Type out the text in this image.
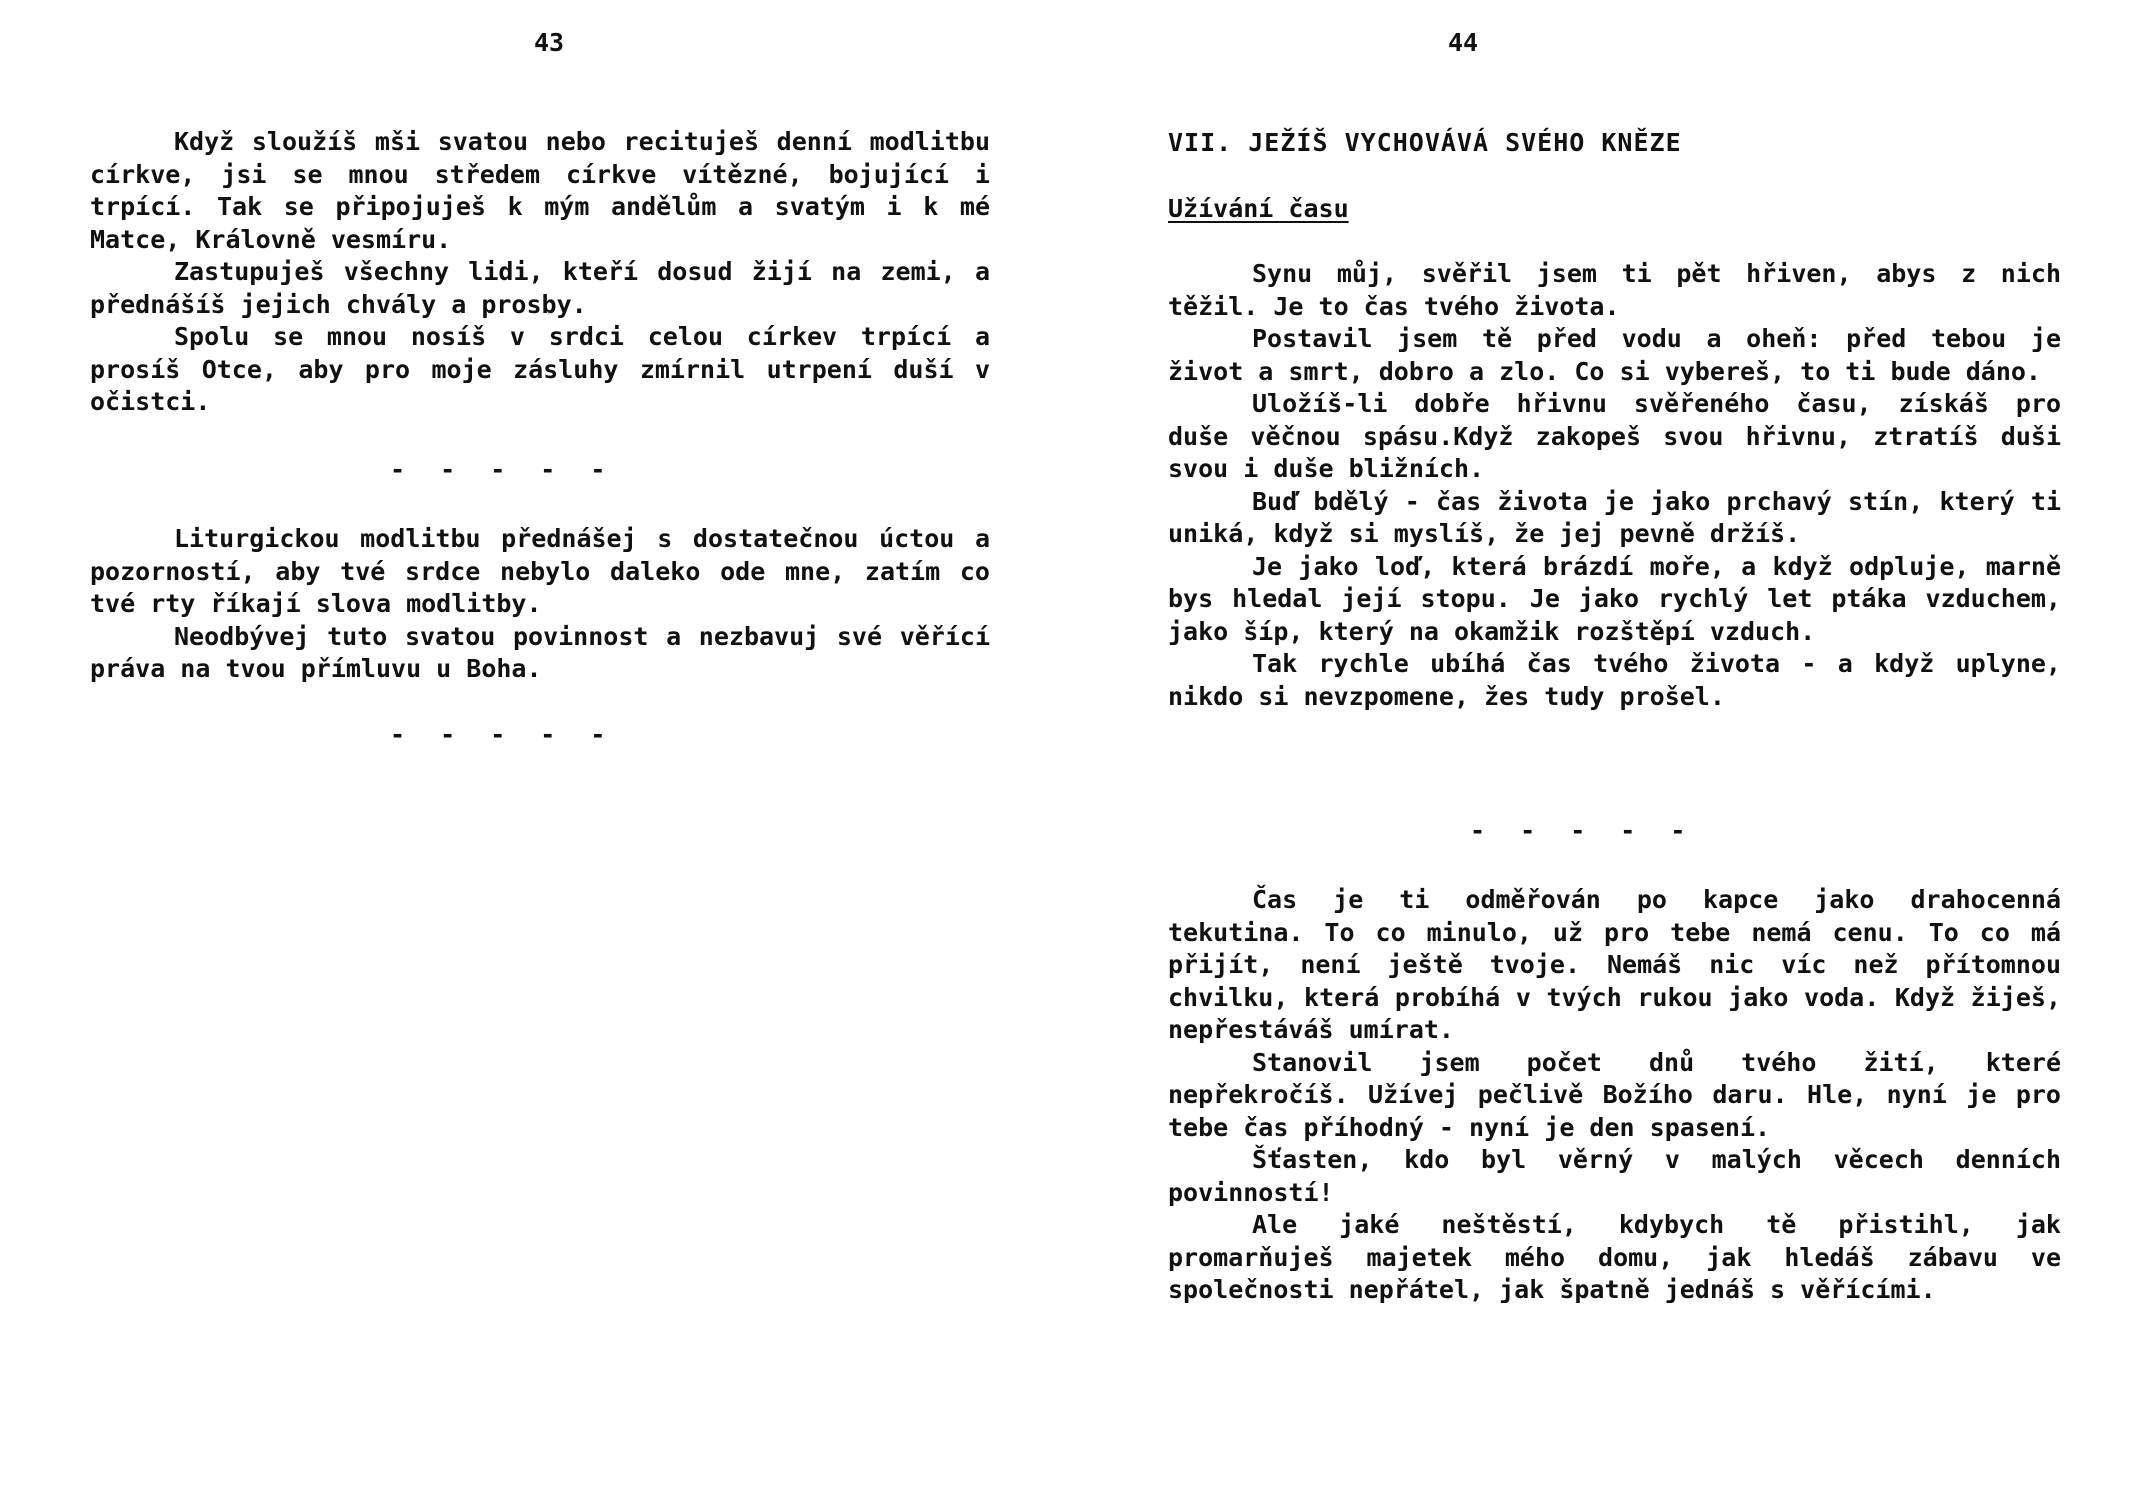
43

Když sloužíš mši svatou nebo recituješ denní modlitbu církve, jsi se mnou středem církve vítězné, bojující i trpící. Tak se připojuješ k mým andělům a svatým i k mé Matce, Královně vesmíru.

Zastupuješ všechny lidi, kteří dosud žijí na zemi, a přednášíš jejich chvály a prosby.

Spolu se mnou nosíš v srdci celou církev trpící a prosíš Otce, aby pro moje zásluhy zmírnil utrpení duší v očistci.

- - - - -

Liturgickou modlitbu přednášej s dostatečnou úctou a pozorností, aby tvé srdce nebylo daleko ode mne, zatím co tvé rty říkají slova modlitby.

Neodbývej tuto svatou povinnost a nezbavuj své věřící práva na tvou přímluvu u Boha.

- - - - -
44
VII. JEŽÍŠ VYCHOVÁVÁ SVÉHO KNĚZE
Užívání času

Synu můj, svěřil jsem ti pět hřiven, abys z nich těžil. Je to čas tvého života.

Postavil jsem tě před vodu a oheň: před tebou je život a smrt, dobro a zlo. Co si vybereš, to ti bude dáno.

Uložíš-li dobře hřivnu svěřeného času, získáš pro duše věčnou spásu.Když zakopeš svou hřivnu, ztratíš duši svou i duše bližních.

Buď bdělý - čas života je jako prchavý stín, který ti uniká, když si myslíš, že jej pevně držíš.

Je jako loď, která brázdí moře, a když odpluje, marně bys hledal její stopu. Je jako rychlý let ptáka vzduchem, jako šíp, který na okamžik rozštěpí vzduch.

Tak rychle ubíhá čas tvého života - a když uplyne, nikdo si nevzpomene, žes tudy prošel.

- - - - -

Čas je ti odměřován po kapce jako drahocenná tekutina. To co minulo, už pro tebe nemá cenu. To co má přijít, není ještě tvoje. Nemáš nic víc než přítomnou chvilku, která probíhá v tvých rukou jako voda. Když žiješ, nepřestáváš umírat.

Stanovil jsem počet dnů tvého žití, které nepřekročíš. Užívej pečlivě Božího daru. Hle, nyní je pro tebe čas příhodný - nyní je den spasení.

Šťasten, kdo byl věrný v malých věcech denních povinností!

Ale jaké neštěstí, kdybych tě přistihl, jak promarňuješ majetek mého domu, jak hledáš zábavu ve společnosti nepřátel, jak špatně jednáš s věřícími.
